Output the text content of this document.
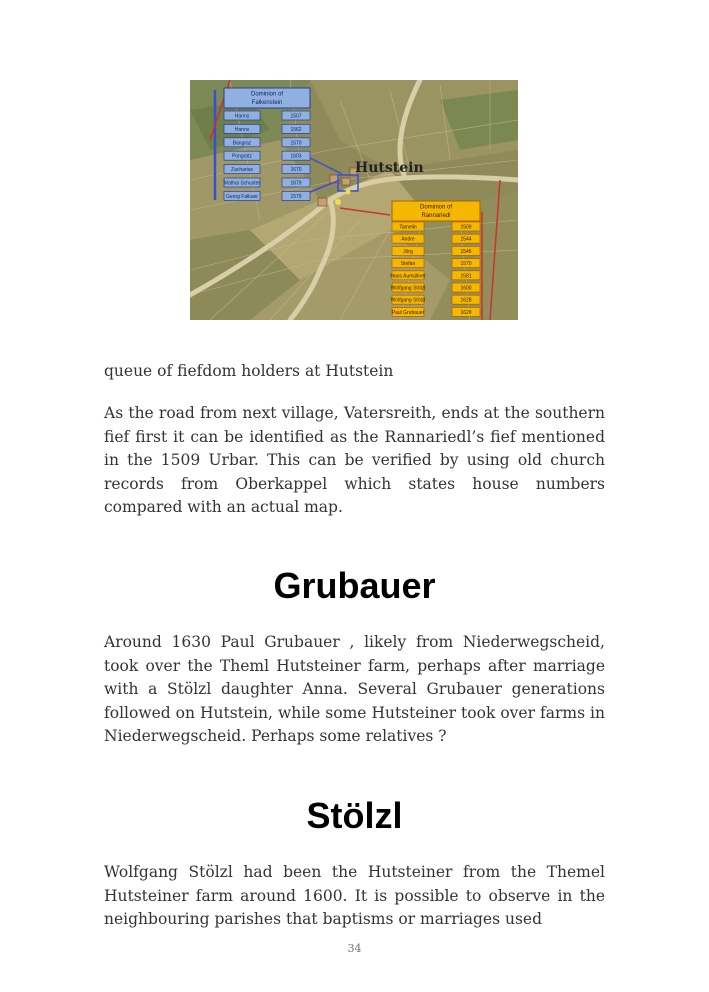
Hutstein
Dominion of
Falkenstein
Hanns	1507
Hanns	1562
Bangraz	1570
Pongratz	1603
Zacharias	1670
Mathai Schuster	1679
Georg Falkuer	1579
Dominion of
Rannariedl
Tamelin	1509
Andre	1544
Jörg	1546
Stefan	1570
Hans Aumüllner	1581
Wolfgang Stölzl	1600
Wolfgang Stölzl	1628
Paul Grubauer	1629

queue of fiefdom holders at Hutstein

As the road from next village, Vatersreith, ends at the southern fief first it can be identified as the Rannariedl’s fief mentioned in the 1509 Urbar. This can be verified by using old church records from Oberkappel which states house numbers compared with an actual map.

Grubauer

Around 1630 Paul Grubauer , likely from Niederwegscheid, took over the Theml Hutsteiner farm, perhaps after marriage with a Stölzl daughter Anna. Several Grubauer generations followed on Hutstein, while some Hutsteiner took over farms in Niederwegscheid. Perhaps some relatives ?

Stölzl

Wolfgang Stölzl had been the Hutsteiner from the Themel Hutsteiner farm around 1600. It is possible to observe in the neighbouring parishes that baptisms or marriages used

34
